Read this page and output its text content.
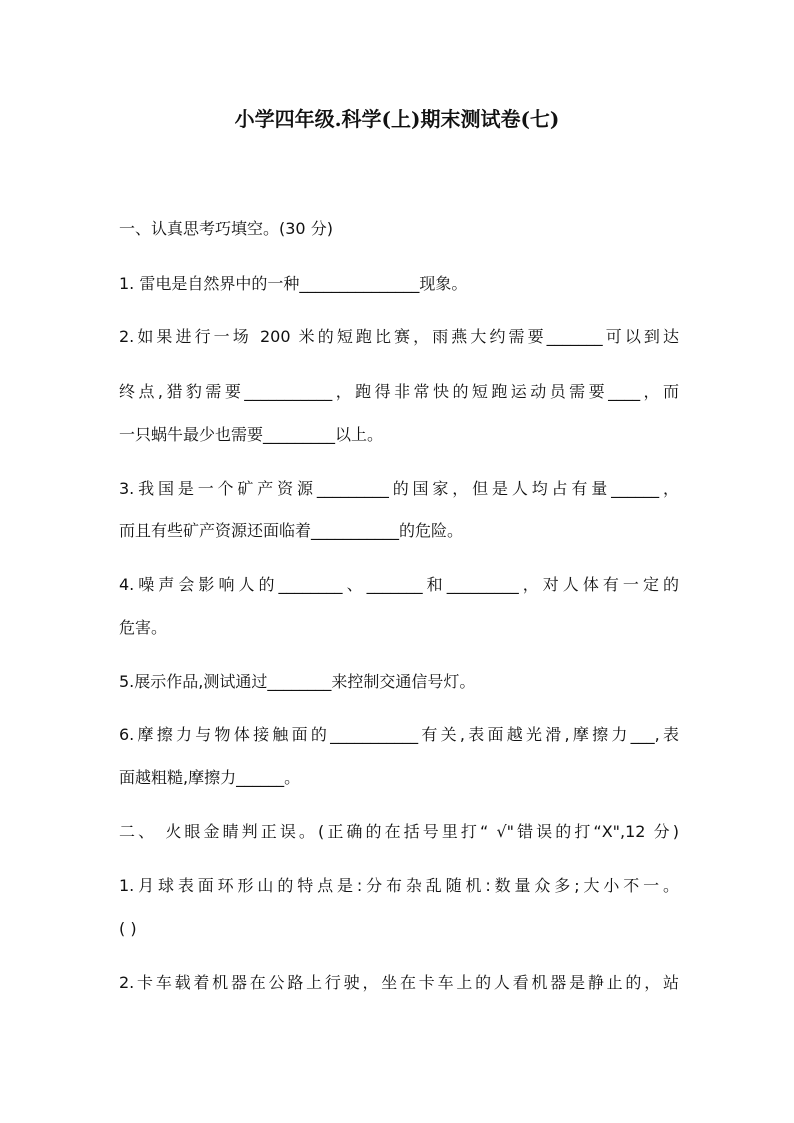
小学四年级.科学(上)期末测试卷(七)
一、认真思考巧填空。(30 分)
1. 雷电是自然界中的一种_______________现象。
2.如果进行一场 200 米的短跑比赛，雨燕大约需要_______可以到达
终点,猎豹需要___________，跑得非常快的短跑运动员需要____，而
一只蜗牛最少也需要_________以上。
3.我国是一个矿产资源_________的国家，但是人均占有量______，
而且有些矿产资源还面临着___________的危险。
4.噪声会影响人的________、_______和_________，对人体有一定的
危害。
5.展示作品,测试通过________来控制交通信号灯。
6.摩擦力与物体接触面的___________有关,表面越光滑,摩擦力___,表
面越粗糙,摩擦力______。
二、 火眼金睛判正误。(正确的在括号里打“ √"错误的打“X",12 分)
1.月球表面环形山的特点是:分布杂乱随机:数量众多;大小不一。
( )
2.卡车载着机器在公路上行驶，坐在卡车上的人看机器是静止的，站
